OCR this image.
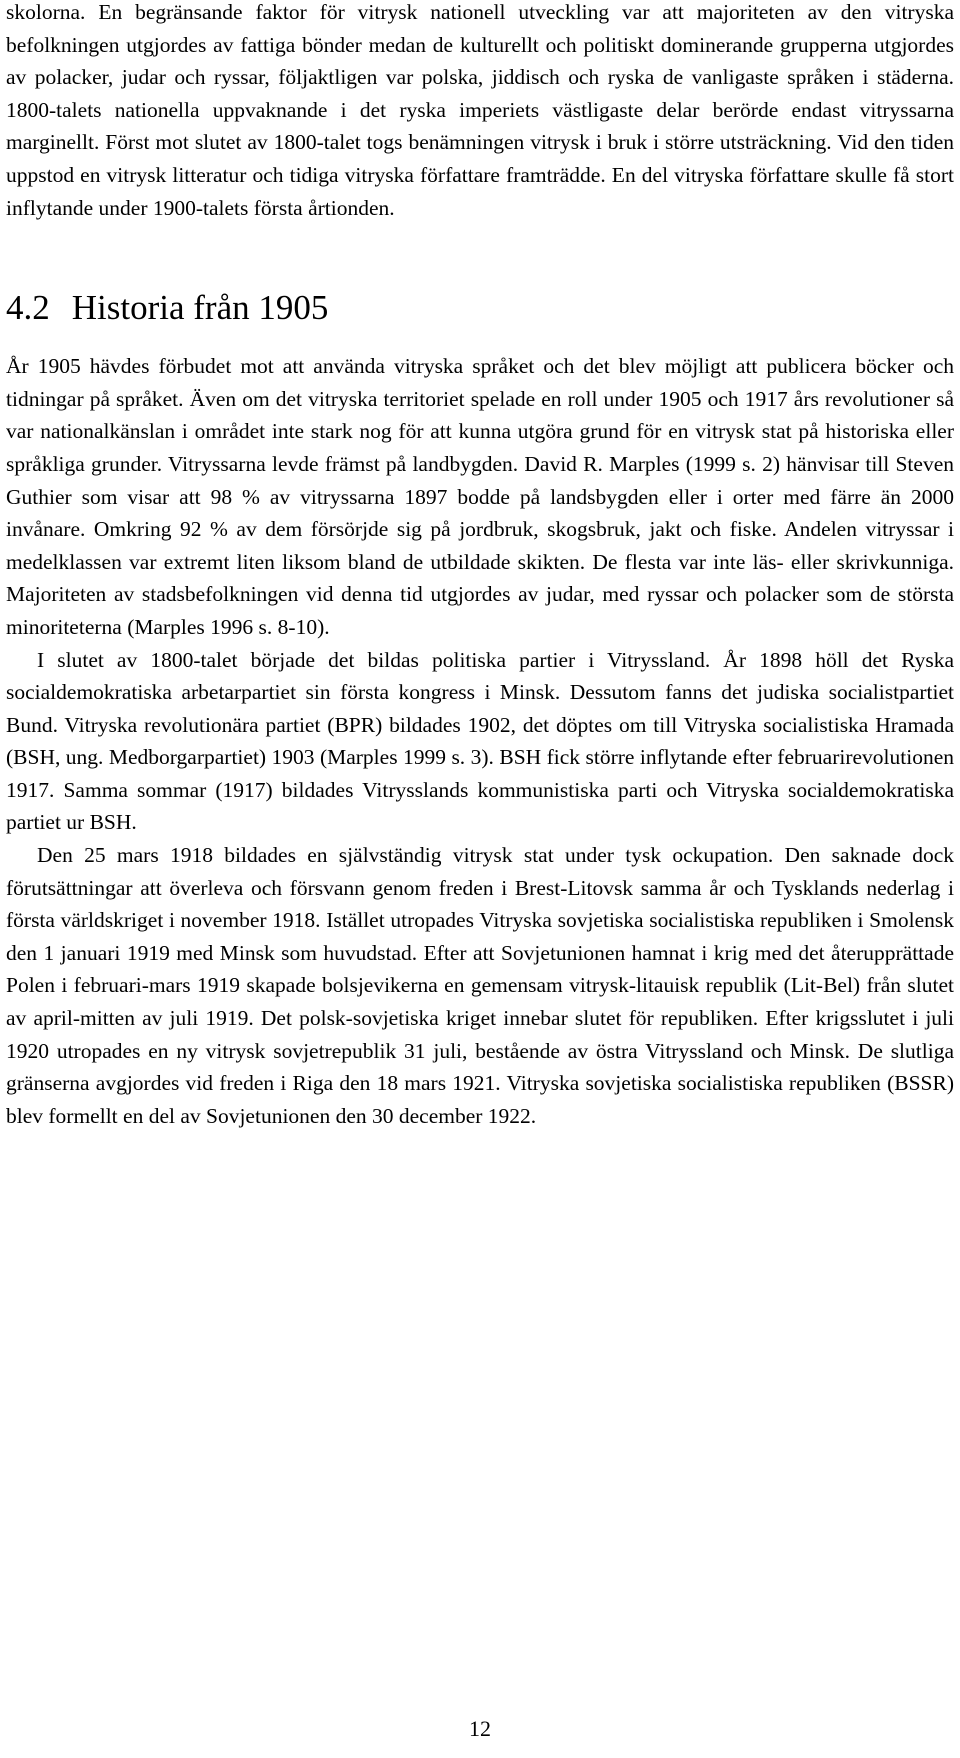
skolorna. En begränsande faktor för vitrysk nationell utveckling var att majoriteten av den vitryska befolkningen utgjordes av fattiga bönder medan de kulturellt och politiskt dominerande grupperna utgjordes av polacker, judar och ryssar, följaktligen var polska, jiddisch och ryska de vanligaste språken i städerna. 1800-talets nationella uppvaknande i det ryska imperiets västligaste delar berörde endast vitryssarna marginellt. Först mot slutet av 1800-talet togs benämningen vitrysk i bruk i större utsträckning. Vid den tiden uppstod en vitrysk litteratur och tidiga vitryska författare framträdde. En del vitryska författare skulle få stort inflytande under 1900-talets första årtionden.

4.2 Historia från 1905

År 1905 hävdes förbudet mot att använda vitryska språket och det blev möjligt att publicera böcker och tidningar på språket. Även om det vitryska territoriet spelade en roll under 1905 och 1917 års revolutioner så var nationalkänslan i området inte stark nog för att kunna utgöra grund för en vitrysk stat på historiska eller språkliga grunder. Vitryssarna levde främst på landbygden. David R. Marples (1999 s. 2) hänvisar till Steven Guthier som visar att 98 % av vitryssarna 1897 bodde på landsbygden eller i orter med färre än 2000 invånare. Omkring 92 % av dem försörjde sig på jordbruk, skogsbruk, jakt och fiske. Andelen vitryssar i medelklassen var extremt liten liksom bland de utbildade skikten. De flesta var inte läs- eller skrivkunniga. Majoriteten av stadsbefolkningen vid denna tid utgjordes av judar, med ryssar och polacker som de största minoriteterna (Marples 1996 s. 8-10).

I slutet av 1800-talet började det bildas politiska partier i Vitryssland. År 1898 höll det Ryska socialdemokratiska arbetarpartiet sin första kongress i Minsk. Dessutom fanns det judiska socialistpartiet Bund. Vitryska revolutionära partiet (BPR) bildades 1902, det döptes om till Vitryska socialistiska Hramada (BSH, ung. Medborgarpartiet) 1903 (Marples 1999 s. 3). BSH fick större inflytande efter februarirevolutionen 1917. Samma sommar (1917) bildades Vitrysslands kommunistiska parti och Vitryska socialdemokratiska partiet ur BSH.

Den 25 mars 1918 bildades en självständig vitrysk stat under tysk ockupation. Den saknade dock förutsättningar att överleva och försvann genom freden i Brest-Litovsk samma år och Tysklands nederlag i första världskriget i november 1918. Istället utropades Vitryska sovjetiska socialistiska republiken i Smolensk den 1 januari 1919 med Minsk som huvudstad. Efter att Sovjetunionen hamnat i krig med det återupprättade Polen i februari-mars 1919 skapade bolsjevikerna en gemensam vitrysk-litauisk republik (Lit-Bel) från slutet av april-mitten av juli 1919. Det polsk-sovjetiska kriget innebar slutet för republiken. Efter krigsslutet i juli 1920 utropades en ny vitrysk sovjetrepublik 31 juli, bestående av östra Vitryssland och Minsk. De slutliga gränserna avgjordes vid freden i Riga den 18 mars 1921. Vitryska sovjetiska socialistiska republiken (BSSR) blev formellt en del av Sovjetunionen den 30 december 1922.

12
